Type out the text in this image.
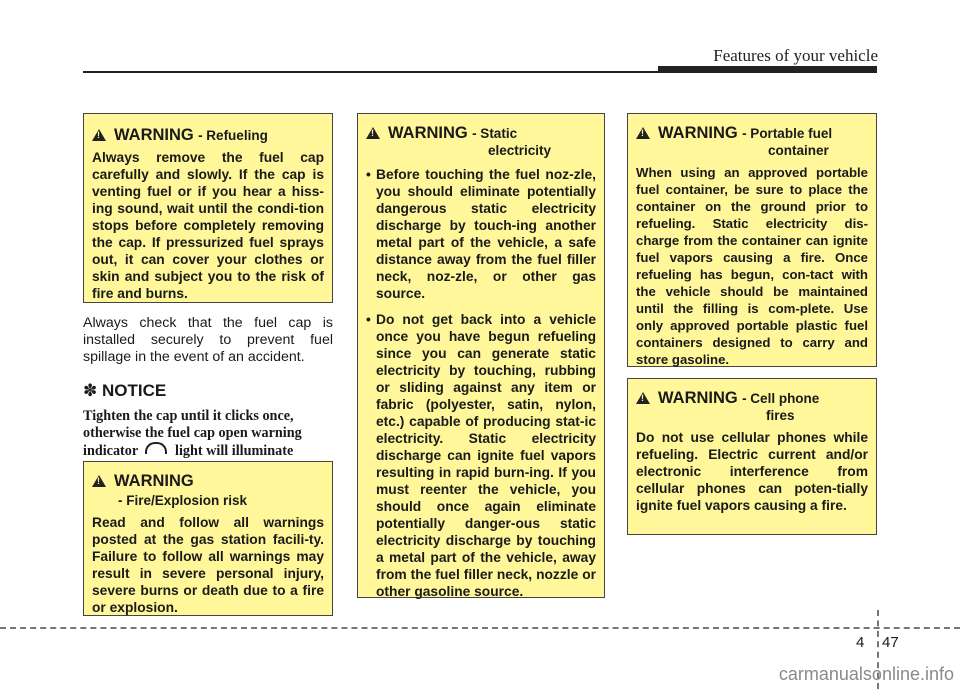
Features of your vehicle
!WARNING - Refueling
Always remove the fuel cap carefully and slowly. If the cap is venting fuel or if you hear a hiss-ing sound, wait until the condi-tion stops before completely removing the cap. If pressurized fuel sprays out, it can cover your clothes or skin and subject you to the risk of fire and burns.
Always check that the fuel cap is installed securely to prevent fuel spillage in the event of an accident.
✽ NOTICE
Tighten the cap until it clicks once, otherwise the fuel cap open warning indicator	light will illuminate
!WARNING
- Fire/Explosion risk
Read and follow all warnings posted at the gas station facili-ty. Failure to follow all warnings may result in severe personal injury, severe burns or death due to a fire or explosion.
!WARNING - Static
electricity
• Before touching the fuel noz-zle, you should eliminate potentially dangerous static electricity discharge by touch-ing another metal part of the vehicle, a safe distance away from the fuel filler neck, noz-zle, or other gas source.
• Do not get back into a vehicle once you have begun refueling since you can generate static electricity by touching, rubbing or sliding against any item or fabric (polyester, satin, nylon, etc.) capable of producing stat-ic electricity. Static electricity discharge can ignite fuel vapors resulting in rapid burn-ing. If you must reenter the vehicle, you should once again eliminate potentially danger-ous static electricity discharge by touching a metal part of the vehicle, away from the fuel filler neck, nozzle or other gasoline source.
!WARNING - Portable fuel
container
When using an approved portable fuel container, be sure to place the container on the ground prior to refueling. Static electricity dis-charge from the container can ignite fuel vapors causing a fire. Once refueling has begun, con-tact with the vehicle should be maintained until the filling is com-plete. Use only approved portable plastic fuel containers designed to carry and store gasoline.
!WARNING - Cell phone
fires
Do not use cellular phones while refueling. Electric current and/or electronic interference from cellular phones can poten-tially ignite fuel vapors causing a fire.
4 47
carmanualsonline.info
